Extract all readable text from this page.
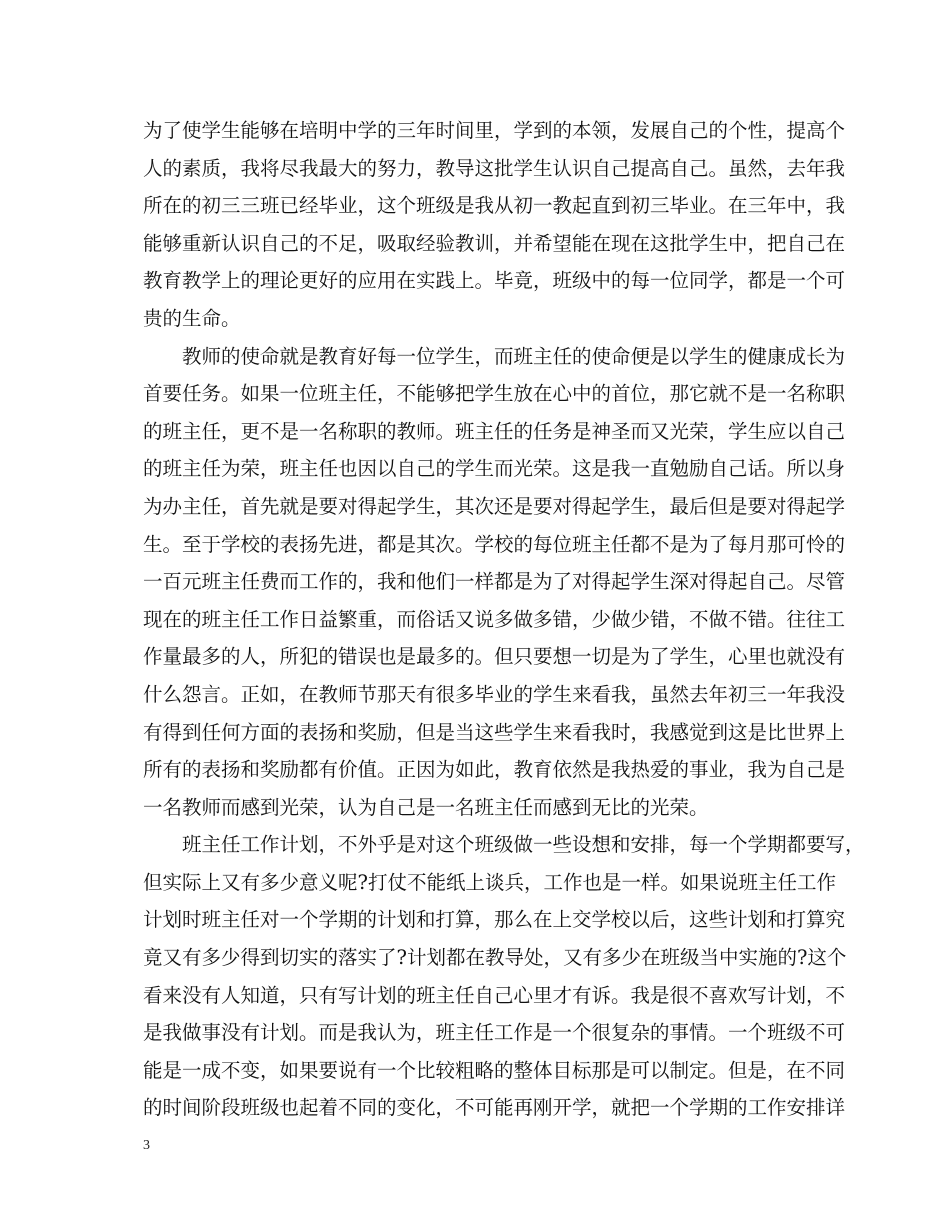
为了使学生能够在培明中学的三年时间里，学到的本领，发展自己的个性，提高个
人的素质，我将尽我最大的努力，教导这批学生认识自己提高自己。虽然，去年我
所在的初三三班已经毕业，这个班级是我从初一教起直到初三毕业。在三年中，我
能够重新认识自己的不足，吸取经验教训，并希望能在现在这批学生中，把自己在
教育教学上的理论更好的应用在实践上。毕竟，班级中的每一位同学，都是一个可
贵的生命。
教师的使命就是教育好每一位学生，而班主任的使命便是以学生的健康成长为
首要任务。如果一位班主任，不能够把学生放在心中的首位，那它就不是一名称职
的班主任，更不是一名称职的教师。班主任的任务是神圣而又光荣，学生应以自己
的班主任为荣，班主任也因以自己的学生而光荣。这是我一直勉励自己话。所以身
为办主任，首先就是要对得起学生，其次还是要对得起学生，最后但是要对得起学
生。至于学校的表扬先进，都是其次。学校的每位班主任都不是为了每月那可怜的
一百元班主任费而工作的，我和他们一样都是为了对得起学生深对得起自己。尽管
现在的班主任工作日益繁重，而俗话又说多做多错，少做少错，不做不错。往往工
作量最多的人，所犯的错误也是最多的。但只要想一切是为了学生，心里也就没有
什么怨言。正如，在教师节那天有很多毕业的学生来看我，虽然去年初三一年我没
有得到任何方面的表扬和奖励，但是当这些学生来看我时，我感觉到这是比世界上
所有的表扬和奖励都有价值。正因为如此，教育依然是我热爱的事业，我为自己是
一名教师而感到光荣，认为自己是一名班主任而感到无比的光荣。
班主任工作计划，不外乎是对这个班级做一些设想和安排，每一个学期都要写，
但实际上又有多少意义呢?打仗不能纸上谈兵，工作也是一样。如果说班主任工作
计划时班主任对一个学期的计划和打算，那么在上交学校以后，这些计划和打算究
竟又有多少得到切实的落实了?计划都在教导处，又有多少在班级当中实施的?这个
看来没有人知道，只有写计划的班主任自己心里才有诉。我是很不喜欢写计划，不
是我做事没有计划。而是我认为，班主任工作是一个很复杂的事情。一个班级不可
能是一成不变，如果要说有一个比较粗略的整体目标那是可以制定。但是，在不同
的时间阶段班级也起着不同的变化，不可能再刚开学，就把一个学期的工作安排详
3
